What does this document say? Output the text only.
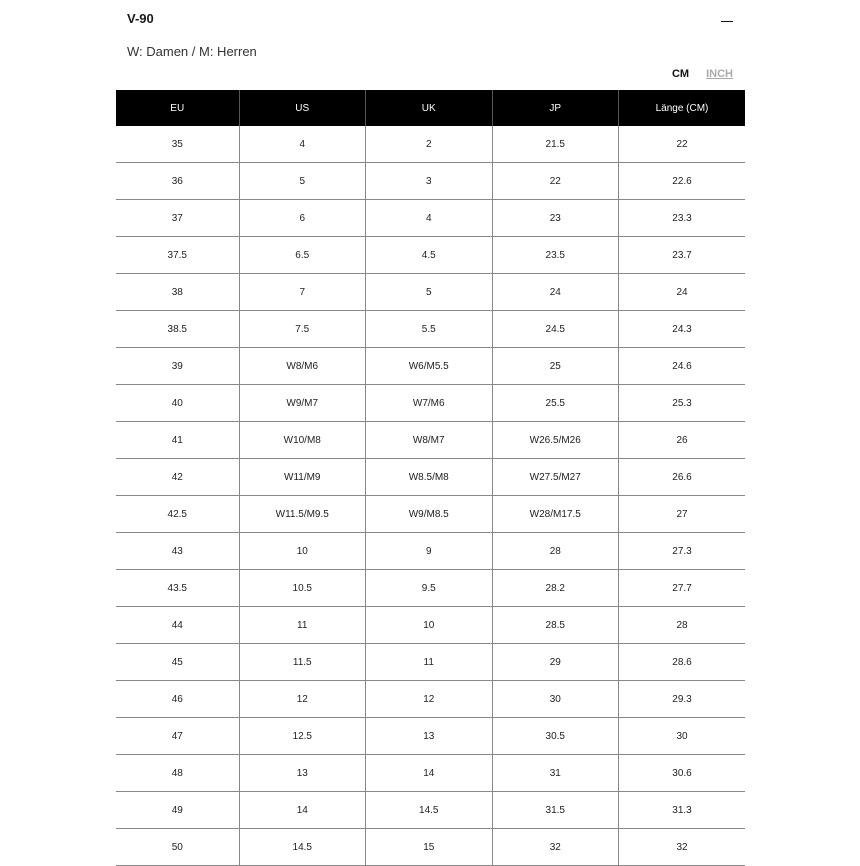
V-90
W: Damen / M: Herren
CM INCH
EU	US	UK	JP	Länge (CM)
35	4	2	21.5	22
36	5	3	22	22.6
37	6	4	23	23.3
37.5	6.5	4.5	23.5	23.7
38	7	5	24	24
38.5	7.5	5.5	24.5	24.3
39	W8/M6	W6/M5.5	25	24.6
40	W9/M7	W7/M6	25.5	25.3
41	W10/M8	W8/M7	W26.5/M26	26
42	W11/M9	W8.5/M8	W27.5/M27	26.6
42.5	W11.5/M9.5	W9/M8.5	W28/M17.5	27
43	10	9	28	27.3
43.5	10.5	9.5	28.2	27.7
44	11	10	28.5	28
45	11.5	11	29	28.6
46	12	12	30	29.3
47	12.5	13	30.5	30
48	13	14	31	30.6
49	14	14.5	31.5	31.3
50	14.5	15	32	32
